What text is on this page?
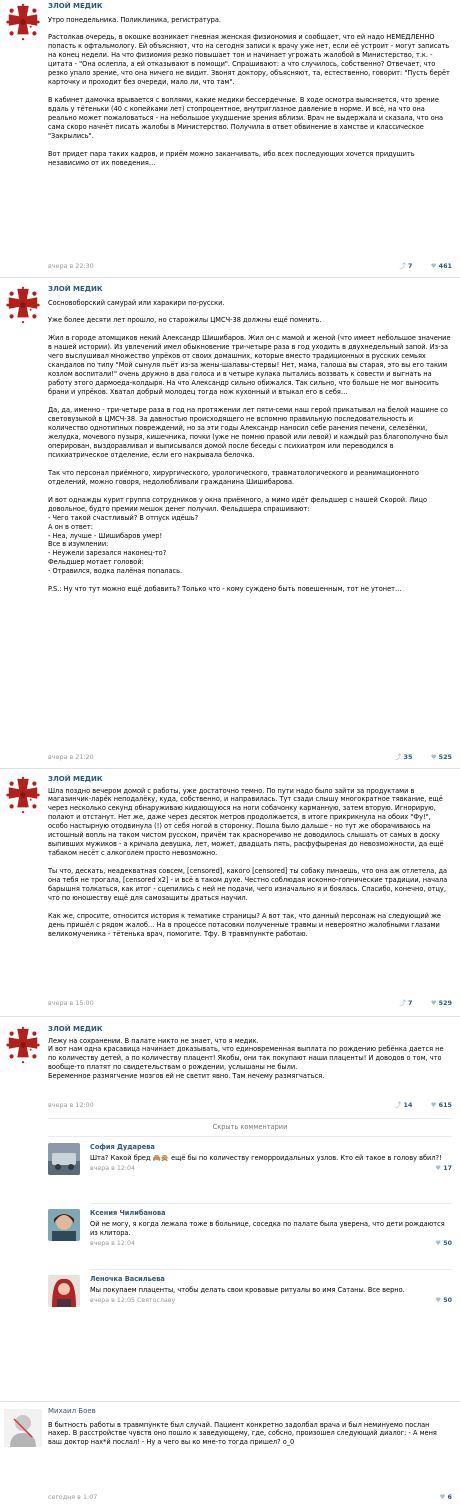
ЗЛОЙ МЕДИК

Утро понедельника. Поликлиника, регистратура.

Растолкав очередь, в окошке возникает гневная женская физиономия и сообщает, что ей надо НЕМЕДЛЕННО попасть к офтальмологу. Ей объясняют, что на сегодня записи к врачу уже нет, если её устроит - могут записать на конец недели. На что физиомия резко повышает тон и начинает угрожать жалобой в Министерство, т.к. - цитата - "Она ослепла, а ей отказывают в помощи". Спрашивают: а что случилось, собственно? Отвечает, что резко упало зрение, что она ничего не видит. Звонят доктору, объясняют, та, естественно, говорит: "Пусть берёт карточку и проходит без очереди, мало ли, что там".

В кабинет дамочка врывается с воплями, какие медики бессердечные. В ходе осмотра выясняется, что зрение вдаль у тётеньки (40 с копейками лет) стопроцентное, внутриглазное давление в норме. И всё, на что она реально может пожаловаться - на небольшое ухудшение зрения вблизи. Врач не выдержала и сказала, что она сама скоро начнёт писать жалобы в Министерство. Получила в ответ обвинение в хамстве и классическое "Закрылись".

Вот придет пара таких кадров, и приём можно заканчивать, ибо всех последующих хочется придушить независимо от их поведения…

вчера в 22:30	⤴ 7	♥ 461
ЗЛОЙ МЕДИК

Сосновоборский самурай или харакири по-русски.

Уже более десяти лет прошло, но старожилы ЦМСЧ-38 должны ещё помнить.

Жил в городе атомщиков некий Александр Шишибаров. Жил он с мамой и женой (что имеет небольшое значение в нашей истории). Из увлечений имел обыкновение три-четыре раза в год уходить в двухнедельный запой. Из-за чего выслушивал множество упрёков от своих домашних, которые вместо традиционных в русских семьях скандалов по типу "Мой сынуля пьёт из-за жены-шалавы-стервы! Нет, мама, галоша вы старая, это вы его таким козлом воспитали!" очень дружно в два голоса и в четыре кулака пытались воззвать к совести и выгнать на работу этого дармоеда-колдыря. На что Александр сильно обижался. Так сильно, что больше не мог выносить брани и упрёков. Хватал добрый молодец тогда нож кухонный и втыкал его в себя…

Да, да, именно - три-четыре раза в год на протяжении лет пяти-семи наш герой прикатывал на белой машине со световузыкой в ЦМСЧ-38. За давностью происходящего не вспомню правильную последовательность и количество однотипных повреждений, но за эти годы Александр наносил себе ранения печени, селезёнки, желудка, мочевого пузыря, кишечника, почки (уже не помню правой или левой) и каждый раз благополучно был оперирован, выздоравливал и выписывался домой после беседы с психиатром или переводился в психиатрическое отделение, если его накрывала белочка.

Так что персонал приёмного, хирургического, урологического, травматологического и реанимационного отделений, можно говоря, недолюбливали гражданина Шишибарова.

И вот однажды курит группа сотрудников у окна приёмного, а мимо идёт фельдшер с нашей Скорой. Лицо довольное, будто премии мешок денег получил. Фельдшера спрашивают:

- Чего такой счастливый? В отпуск идёшь?

А он в ответ:

- Неа, лучше - Шишибаров умер!

Все в изумлении:

- Неужели зарезался наконец-то?

Фельдшер мотает головой:

- Отравился, водка палёная попалась.

P.S.: Ну что тут можно ещё добавить? Только что - кому суждено быть повешенным, тот не утонет…

вчера в 21:20	⤴ 35	♥ 525
ЗЛОЙ МЕДИК

Шла поздно вечером домой с работы, уже достаточно темно. По пути надо было зайти за продуктами в магазинчик-ларёк неподалёку, куда, собственно, и направилась. Тут сзади слышу многократное тявкание, ещё через несколько секунд обнаруживаю кидающуюся на ноги собачонку карманную, затем вторую. Игнорирую, полают и отстанут. Нет же, даже через десяток метров продолжается, в итоге прикрикнула на обоих "Фу!", особо настырную отодвинула (!) от себя ногой в сторонку. Пошла было дальше - но тут же оборачиваюсь на истошный вопль на таком чистом русском, причём так красноречиво не доводилось слышать от самых в доску выпивших мужиков - а кричала девушка, лет, может, двадцать пять, расфуфыреная до невозможности, да ещё табаком несёт с алкоголем просто невозможно.

Ты что, дескать, неадекватная совсем, [censored], какого [censored] ты собаку пинаешь, что она аж отлетела, да она тебя не трогала, [censored x2] - и всё в таком духе. Честно соблюдая исконно-гопнические традиции, начала барышня толкаться, как итог - сцепились с ней не подачи, чего изначально я и боялась. Спасибо, конечно, отцу, что по юношеству ещё для самозащиты драться научил.

Как же, спросите, относится история к тематике страницы? А вот так, что данный персонаж на следующий же день пришёл с рядом жалоб… На в процессе потасовки полученные травмы и невероятно жалобными глазами великомученика - тётенька врач, помогите. Тфу. В травмпункте работаю.

вчера в 15:00	⤴ 7	♥ 529
ЗЛОЙ МЕДИК

Лежу на сохранении. В палате никто не знает, что я медик.

И вот нам одна красавица начинает доказывать, что единовременная выплата по рождению ребёнка дается не по количеству детей, а по количеству плацент! Якобы, они так покупают наши плаценты! И доводов о том, что вообще-то платят по свидетельствам о рождении, услышаны не были.

Беременное размягчение мозгов ей не светит явно. Там нечему размягчаться.

вчера в 12:00	⤴ 14	♥ 615
Скрыть комментарии
София Дударева

Шта? Какой бред 🙈🙊 ещё бы по количеству геморроидальных узлов. Кто ей такое в голову вбил?!

вчера в 12:04	♥ 17
Ксения Чилибанова

Ой не могу, я когда лежала тоже в больнице, соседка по палате была уверена, что дети рождаются из клитора.

вчера в 12:04	♥ 50
Леночка Васильева

Мы покупаем плаценты, чтобы делать свои кровавые ритуалы во имя Сатаны. Все верно.

вчера в 12:05 Святославу	♥ 50
Михаил Боев

В бытность работы в травмпункте был случай. Пациент конкретно задолбал врача и был неминуемо послан нахер. В расстройстве чувств оно пошло к заведующему, где, собсно, произошел следующий диалог: - А меня ваш доктор нах*й послал! - Ну а чего вы ко мне-то тогда пришел? о_0

сегодня в 1:07	♥ 6
